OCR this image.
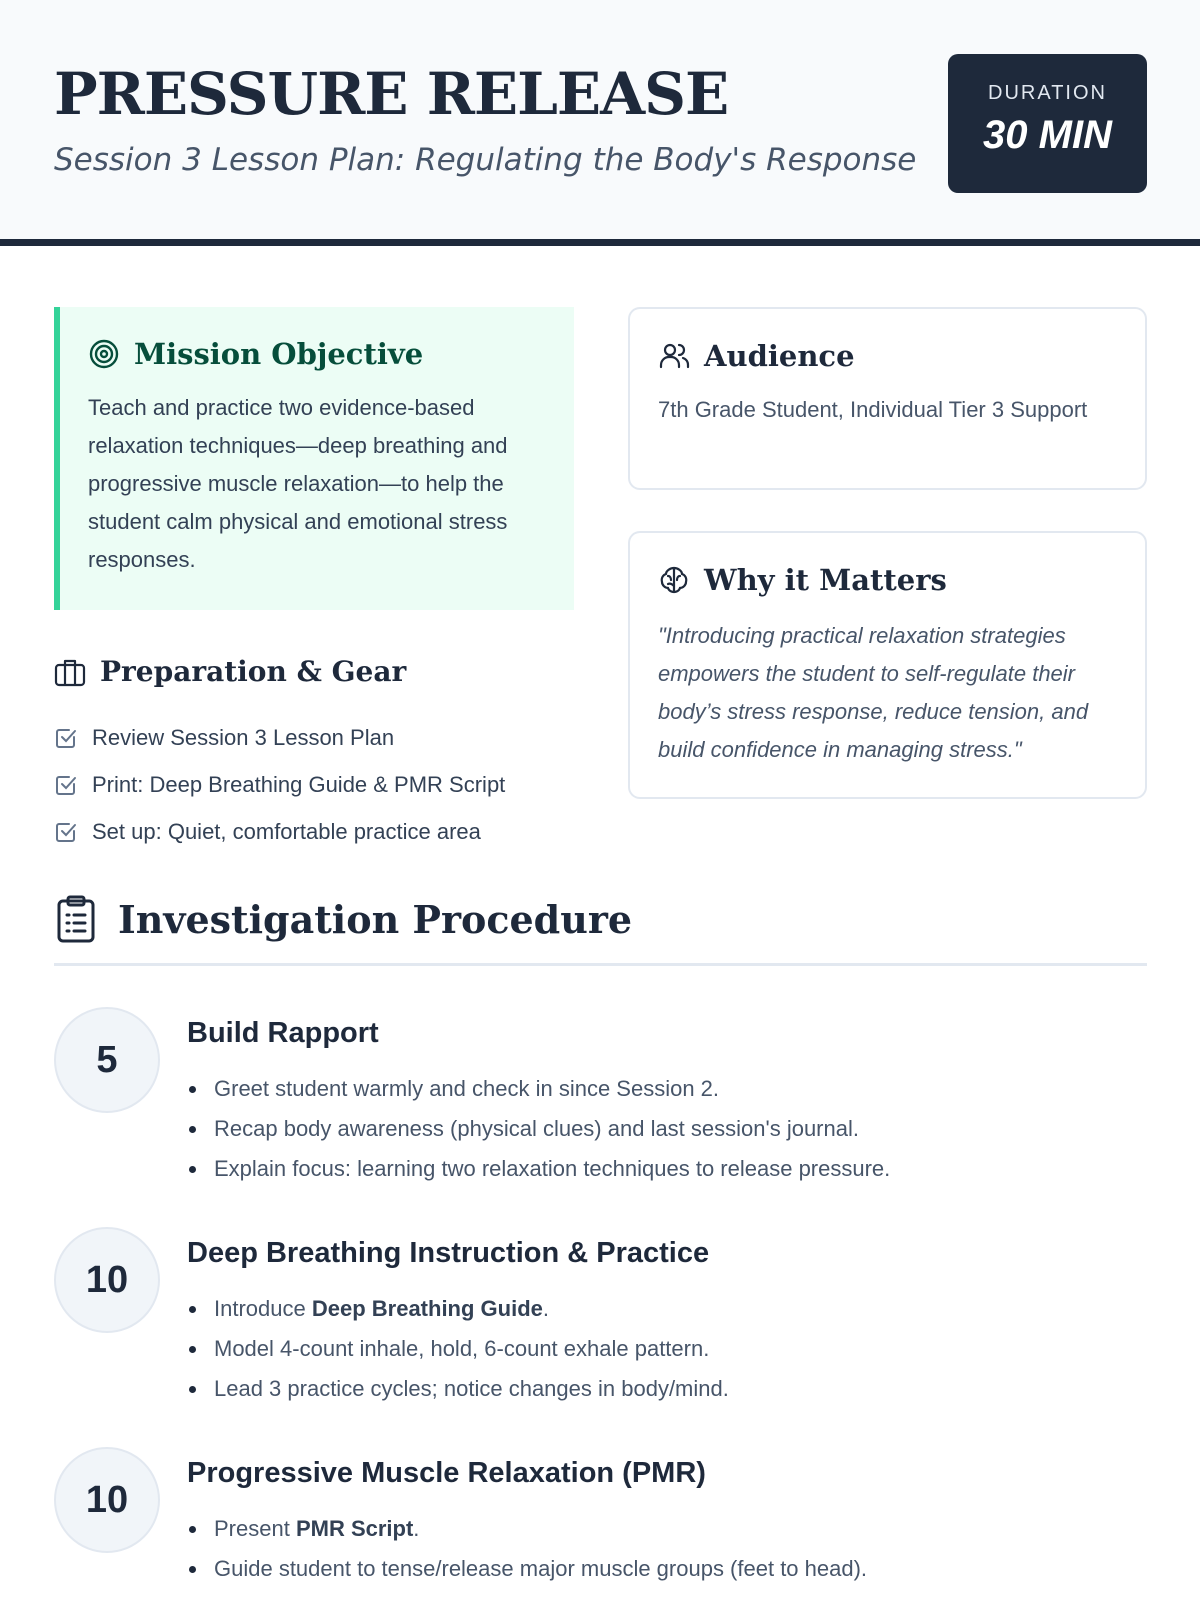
PRESSURE RELEASE
Session 3 Lesson Plan: Regulating the Body's Response
DURATION
30 MIN
Mission Objective
Teach and practice two evidence-based relaxation techniques—deep breathing and progressive muscle relaxation—to help the student calm physical and emotional stress responses.
Audience
7th Grade Student, Individual Tier 3 Support
Why it Matters
"Introducing practical relaxation strategies empowers the student to self-regulate their body’s stress response, reduce tension, and build confidence in managing stress."
Preparation & Gear
Review Session 3 Lesson Plan
Print: Deep Breathing Guide & PMR Script
Set up: Quiet, comfortable practice area
Investigation Procedure
5
Build Rapport
Greet student warmly and check in since Session 2.
Recap body awareness (physical clues) and last session's journal.
Explain focus: learning two relaxation techniques to release pressure.
10
Deep Breathing Instruction & Practice
Introduce Deep Breathing Guide.
Model 4-count inhale, hold, 6-count exhale pattern.
Lead 3 practice cycles; notice changes in body/mind.
10
Progressive Muscle Relaxation (PMR)
Present PMR Script.
Guide student to tense/release major muscle groups (feet to head).
